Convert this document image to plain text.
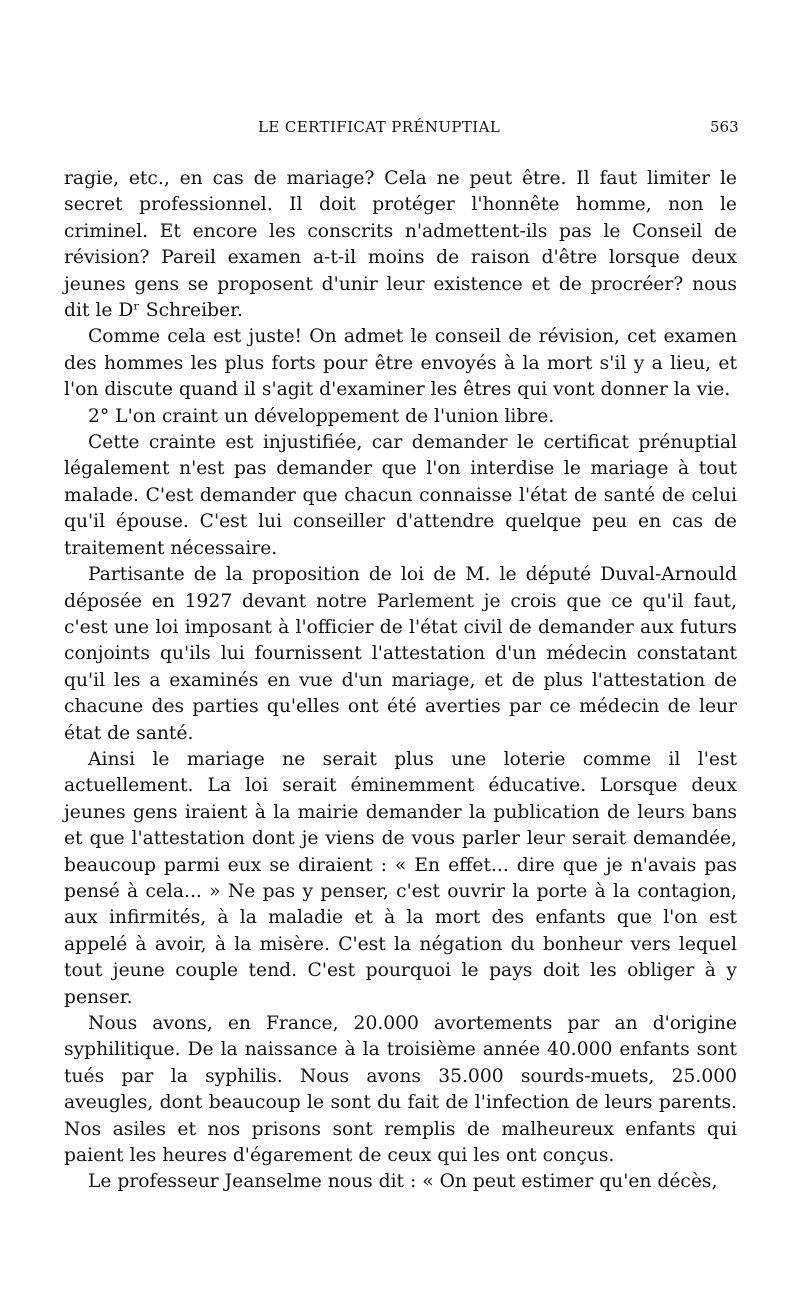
LE CERTIFICAT PRÉNUPTIAL	563

ragie, etc., en cas de mariage? Cela ne peut être. Il faut limiter le secret professionnel. Il doit protéger l'honnête homme, non le criminel. Et encore les conscrits n'admettent-ils pas le Conseil de révision? Pareil examen a-t-il moins de raison d'être lorsque deux jeunes gens se proposent d'unir leur existence et de procréer? nous dit le Dʳ Schreiber.

Comme cela est juste! On admet le conseil de révision, cet examen des hommes les plus forts pour être envoyés à la mort s'il y a lieu, et l'on discute quand il s'agit d'examiner les êtres qui vont donner la vie.

2° L'on craint un développement de l'union libre.

Cette crainte est injustifiée, car demander le certificat prénuptial légalement n'est pas demander que l'on interdise le mariage à tout malade. C'est demander que chacun connaisse l'état de santé de celui qu'il épouse. C'est lui conseiller d'attendre quelque peu en cas de traitement nécessaire.

Partisante de la proposition de loi de M. le député Duval-Arnould déposée en 1927 devant notre Parlement je crois que ce qu'il faut, c'est une loi imposant à l'officier de l'état civil de demander aux futurs conjoints qu'ils lui fournissent l'attestation d'un médecin constatant qu'il les a examinés en vue d'un mariage, et de plus l'attestation de chacune des parties qu'elles ont été averties par ce médecin de leur état de santé.

Ainsi le mariage ne serait plus une loterie comme il l'est actuellement. La loi serait éminemment éducative. Lorsque deux jeunes gens iraient à la mairie demander la publication de leurs bans et que l'attestation dont je viens de vous parler leur serait demandée, beaucoup parmi eux se diraient : « En effet... dire que je n'avais pas pensé à cela... » Ne pas y penser, c'est ouvrir la porte à la contagion, aux infirmités, à la maladie et à la mort des enfants que l'on est appelé à avoir, à la misère. C'est la négation du bonheur vers lequel tout jeune couple tend. C'est pourquoi le pays doit les obliger à y penser.

Nous avons, en France, 20.000 avortements par an d'origine syphilitique. De la naissance à la troisième année 40.000 enfants sont tués par la syphilis. Nous avons 35.000 sourds-muets, 25.000 aveugles, dont beaucoup le sont du fait de l'infection de leurs parents. Nos asiles et nos prisons sont remplis de malheureux enfants qui paient les heures d'égarement de ceux qui les ont conçus.

Le professeur Jeanselme nous dit : « On peut estimer qu'en décès,
